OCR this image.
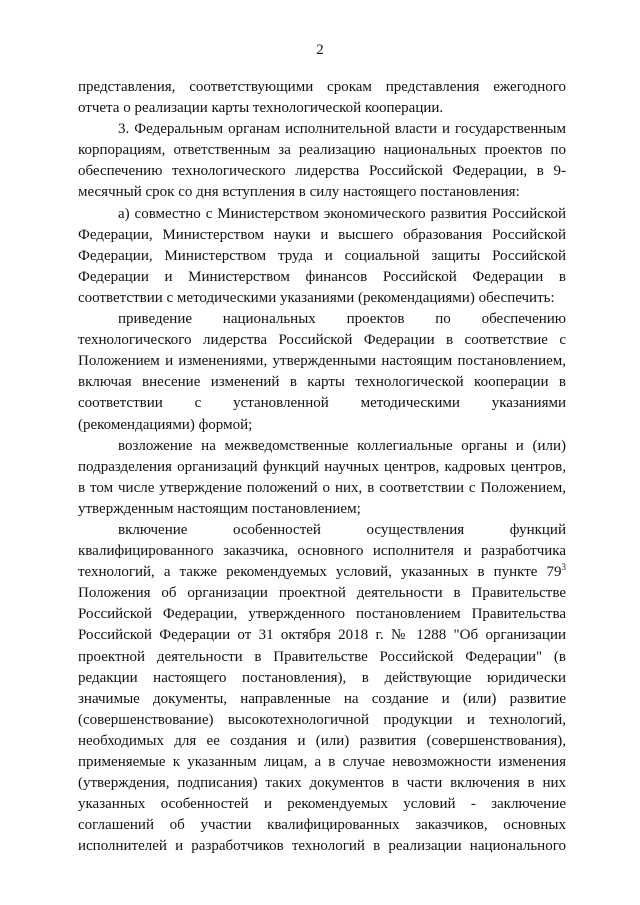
2

представления, соответствующими срокам представления ежегодного отчета о реализации карты технологической кооперации.

3. Федеральным органам исполнительной власти и государственным корпорациям, ответственным за реализацию национальных проектов по обеспечению технологического лидерства Российской Федерации, в 9-месячный срок со дня вступления в силу настоящего постановления:

а) совместно с Министерством экономического развития Российской Федерации, Министерством науки и высшего образования Российской Федерации, Министерством труда и социальной защиты Российской Федерации и Министерством финансов Российской Федерации в соответствии с методическими указаниями (рекомендациями) обеспечить:

приведение национальных проектов по обеспечению технологического лидерства Российской Федерации в соответствие с Положением и изменениями, утвержденными настоящим постановлением, включая внесение изменений в карты технологической кооперации в соответствии с установленной методическими указаниями (рекомендациями) формой;

возложение на межведомственные коллегиальные органы и (или) подразделения организаций функций научных центров, кадровых центров, в том числе утверждение положений о них, в соответствии с Положением, утвержденным настоящим постановлением;

включение особенностей осуществления функций квалифицированного заказчика, основного исполнителя и разработчика технологий, а также рекомендуемых условий, указанных в пункте $79^3$ Положения об организации проектной деятельности в Правительстве Российской Федерации, утвержденного постановлением Правительства Российской Федерации от 31 октября 2018 г. № 1288 "Об организации проектной деятельности в Правительстве Российской Федерации" (в редакции настоящего постановления), в действующие юридически значимые документы, направленные на создание и (или) развитие (совершенствование) высокотехнологичной продукции и технологий, необходимых для ее создания и (или) развития (совершенствования), применяемые к указанным лицам, а в случае невозможности изменения (утверждения, подписания) таких документов в части включения в них указанных особенностей и рекомендуемых условий - заключение соглашений об участии квалифицированных заказчиков, основных исполнителей и разработчиков технологий в реализации национального
